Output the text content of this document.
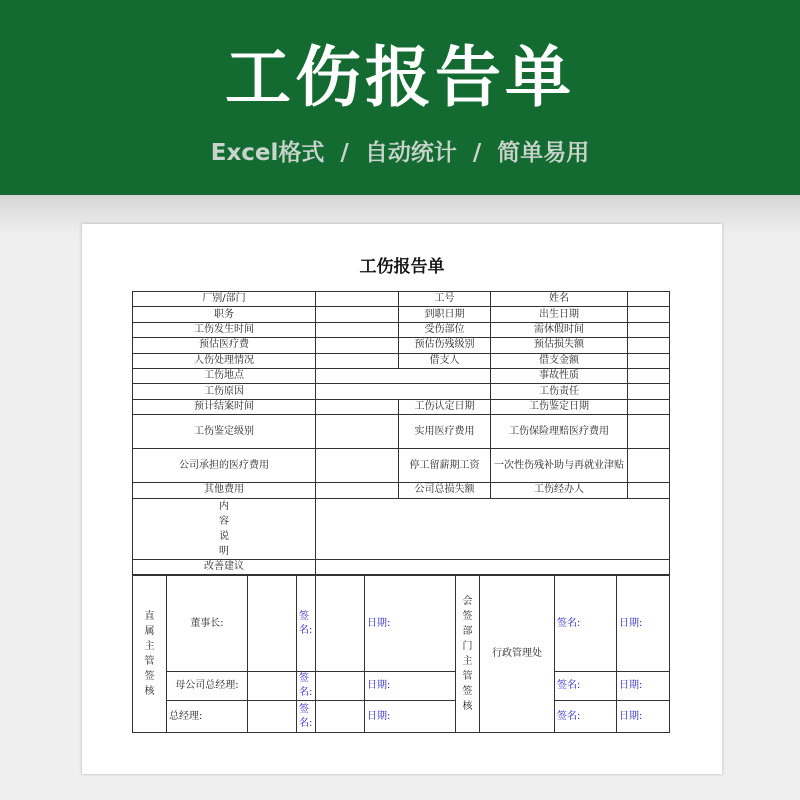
工伤报告单
Excel格式 / 自动统计 / 简单易用
工伤报告单
厂别/部门		工号	姓名	
职务		到职日期	出生日期	
工伤发生时间		受伤部位	需休假时间	
预估医疗费		预估伤残级别	预估损失额	
人伤处理情况		借支人	借支金额	
工伤地点			事故性质	
工伤原因			工伤责任	
预计结案时间		工伤认定日期	工伤鉴定日期	
工伤鉴定级别		实用医疗费用	工伤保险理赔医疗费用	
公司承担的医疗费用		停工留薪期工资	一次性伤残补助与再就业津贴	
其他费用		公司总损失额	工伤经办人	

内容说明				

改善建议				
直属主管签核	董事长:		签名:		日期:	会签部门主管签核	行政管理处	签名:	日期:
	母公司总经理:		签名:		日期:			签名:	日期:
	总经理:		签名:		日期:			签名:	日期:
